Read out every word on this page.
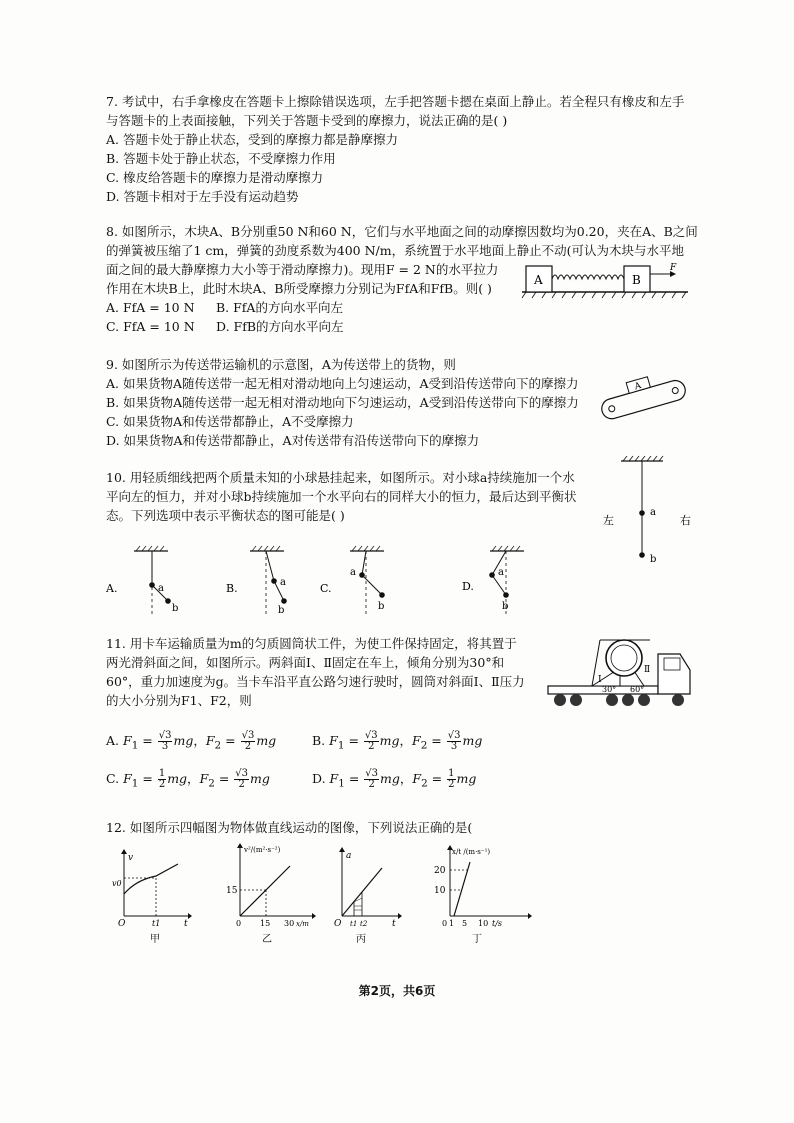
7. 考试中，右手拿橡皮在答题卡上擦除错误选项，左手把答题卡摁在桌面上静止。若全程只有橡皮和左手
与答题卡的上表面接触，下列关于答题卡受到的摩擦力，说法正确的是( )
A. 答题卡处于静止状态，受到的摩擦力都是静摩擦力
B. 答题卡处于静止状态，不受摩擦力作用
C. 橡皮给答题卡的摩擦力是滑动摩擦力
D. 答题卡相对于左手没有运动趋势
8. 如图所示，木块A、B分别重50 N和60 N，它们与水平地面之间的动摩擦因数均为0.20，夹在A、B之间
的弹簧被压缩了1 cm，弹簧的劲度系数为400 N/m，系统置于水平地面上静止不动(可认为木块与水平地
面之间的最大静摩擦力大小等于滑动摩擦力)。现用F = 2 N的水平拉力
作用在木块B上，此时木块A、B所受摩擦力分别记为FfA和FfB。则( )
A. FfA = 10 N	B. FfA的方向水平向左
C. FfA = 10 N	D. FfB的方向水平向左
A	B
F
9. 如图所示为传送带运输机的示意图，A为传送带上的货物，则
A. 如果货物A随传送带一起无相对滑动地向上匀速运动，A受到沿传送带向下的摩擦力
B. 如果货物A随传送带一起无相对滑动地向下匀速运动，A受到沿传送带向下的摩擦力
C. 如果货物A和传送带都静止，A不受摩擦力
D. 如果货物A和传送带都静止，A对传送带有沿传送带向下的摩擦力
A
10. 用轻质细线把两个质量未知的小球悬挂起来，如图所示。对小球a持续施加一个水
平向左的恒力，并对小球b持续施加一个水平向右的同样大小的恒力，最后达到平衡状
态。下列选项中表示平衡状态的图可能是( )	a
b
左	右
A.	a
b
B.	a
b
C.
a
b
D.
a
b
11. 用卡车运输质量为m的匀质圆筒状工件，为使工件保持固定，将其置于
两光滑斜面之间，如图所示。两斜面Ⅰ、Ⅱ固定在车上，倾角分别为30°和
60°，重力加速度为g。当卡车沿平直公路匀速行驶时，圆筒对斜面Ⅰ、Ⅱ压力
的大小分别为F1、F2，则
Ⅰ
Ⅱ
30° 60°
A. $F_1 = \frac{√3}{3}$ mg，$F_2 = \frac{√3}{2}$ mg	B. $F_1 = \frac{√3}{2}$ mg，$F_2 = \frac{√3}{3}$ mg
C. $F_1 = \frac{1}{2}$ mg，$F_2 = \frac{√3}{2}$ mg	D. $F_1 = \frac{√3}{2}$ mg，$F_2 = \frac{1}{2}$ mg
12. 如图所示四幅图为物体做直线运动的图像，下列说法正确的是(
v
v0
O	t1	t
甲
v²/(m²·s⁻²)
15
0 15 30 x/m
乙
a
O t1 t2	t
丙
x/t /(m·s⁻¹)
20
10
0 1 5 10 t/s
丁
第2页，共6页
